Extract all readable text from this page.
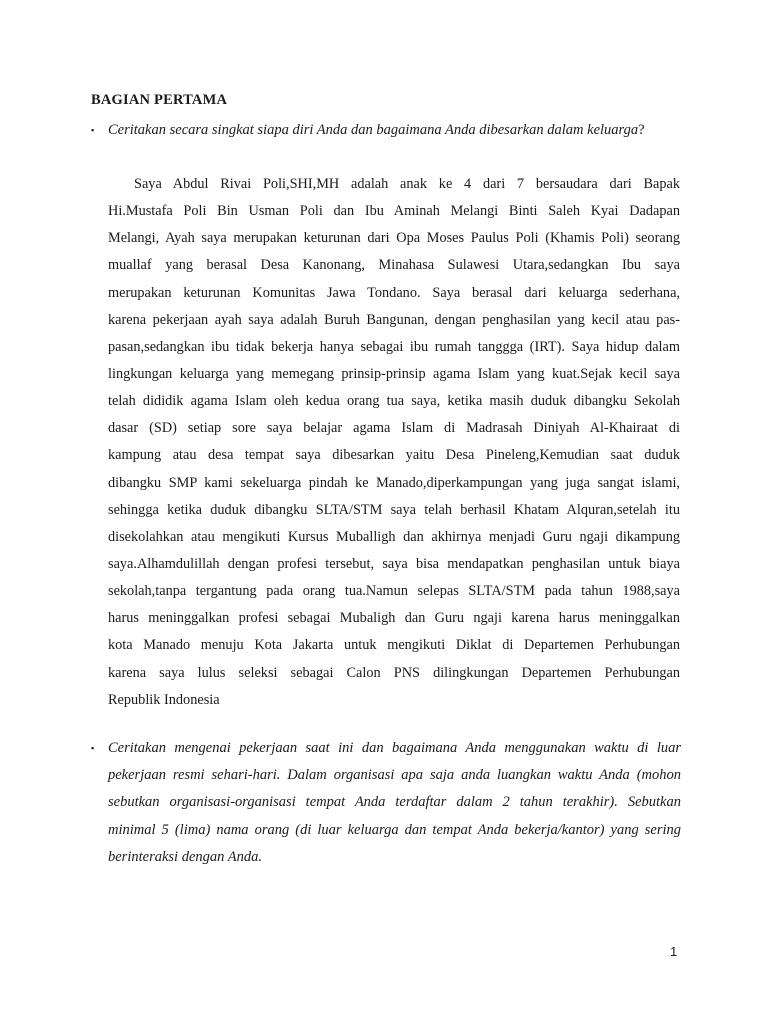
BAGIAN PERTAMA
▪ Ceritakan secara singkat siapa diri Anda dan bagaimana Anda dibesarkan dalam keluarga?
Saya Abdul Rivai Poli,SHI,MH adalah anak ke 4 dari 7 bersaudara dari Bapak
Hi.Mustafa Poli Bin Usman Poli dan Ibu Aminah Melangi Binti Saleh Kyai Dadapan
Melangi, Ayah saya merupakan keturunan dari Opa Moses Paulus Poli (Khamis Poli) seorang
muallaf yang berasal Desa Kanonang, Minahasa Sulawesi Utara,sedangkan Ibu saya
merupakan keturunan Komunitas Jawa Tondano. Saya berasal dari keluarga sederhana,
karena pekerjaan ayah saya adalah Buruh Bangunan, dengan penghasilan yang kecil atau pas-
pasan,sedangkan ibu tidak bekerja hanya sebagai ibu rumah tanggga (IRT). Saya hidup dalam
lingkungan keluarga yang memegang prinsip-prinsip agama Islam yang kuat.Sejak kecil saya
telah dididik agama Islam oleh kedua orang tua saya, ketika masih duduk dibangku Sekolah
dasar (SD) setiap sore saya belajar agama Islam di Madrasah Diniyah Al-Khairaat di
kampung atau desa tempat saya dibesarkan yaitu Desa Pineleng,Kemudian saat duduk
dibangku SMP kami sekeluarga pindah ke Manado,diperkampungan yang juga sangat islami,
sehingga ketika duduk dibangku SLTA/STM saya telah berhasil Khatam Alquran,setelah itu
disekolahkan atau mengikuti Kursus Muballigh dan akhirnya menjadi Guru ngaji dikampung
saya.Alhamdulillah dengan profesi tersebut, saya bisa mendapatkan penghasilan untuk biaya
sekolah,tanpa tergantung pada orang tua.Namun selepas SLTA/STM pada tahun 1988,saya
harus meninggalkan profesi sebagai Mubaligh dan Guru ngaji karena harus meninggalkan
kota Manado menuju Kota Jakarta untuk mengikuti Diklat di Departemen Perhubungan
karena saya lulus seleksi sebagai Calon PNS dilingkungan Departemen Perhubungan
Republik Indonesia
▪ Ceritakan mengenai pekerjaan saat ini dan bagaimana Anda menggunakan waktu di luar
pekerjaan resmi sehari-hari. Dalam organisasi apa saja anda luangkan waktu Anda (mohon
sebutkan organisasi-organisasi tempat Anda terdaftar dalam 2 tahun terakhir). Sebutkan
minimal 5 (lima) nama orang (di luar keluarga dan tempat Anda bekerja/kantor) yang sering
berinteraksi dengan Anda.
1
